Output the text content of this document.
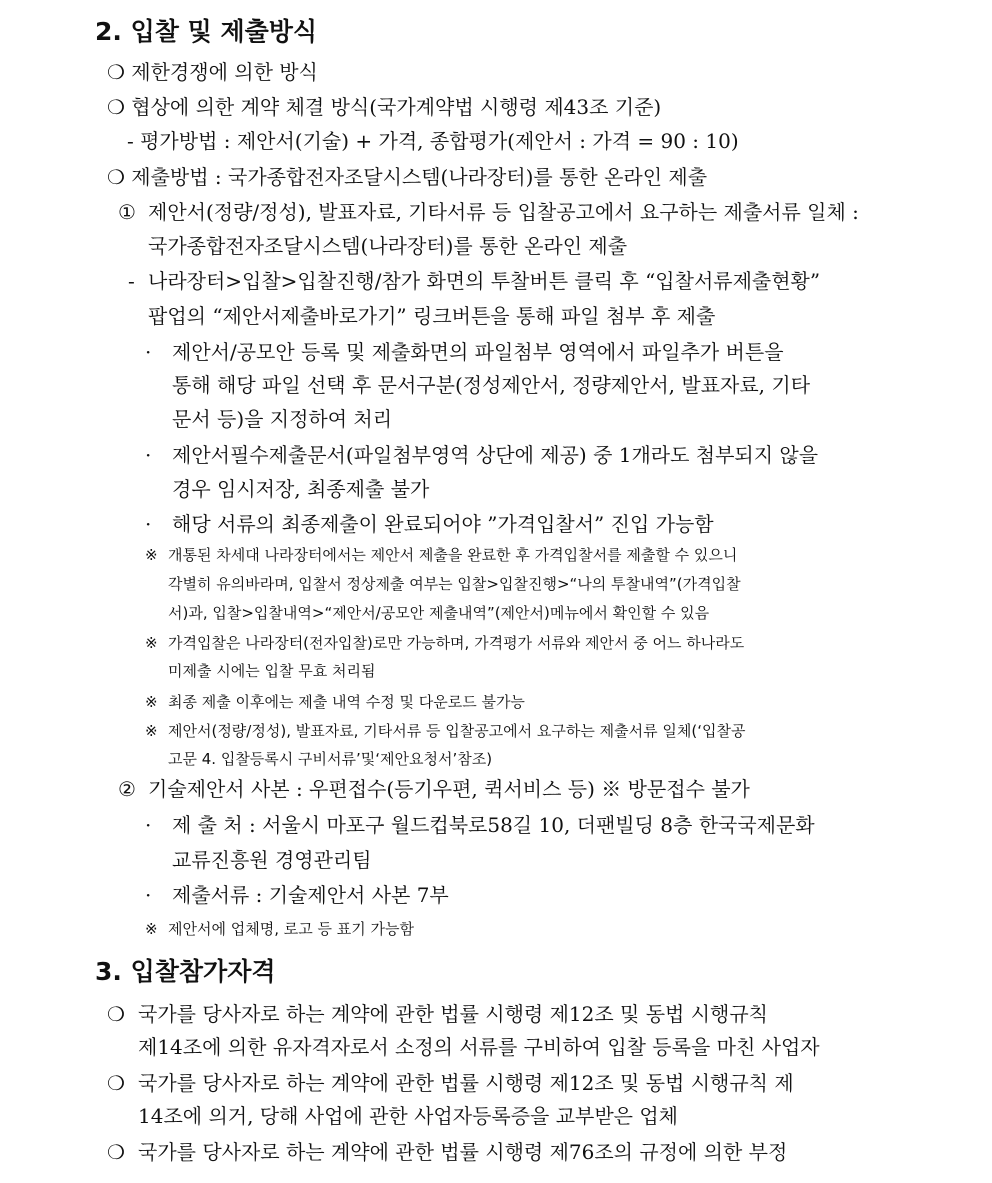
2. 입찰 및 제출방식
❍ 제한경쟁에 의한 방식
❍ 협상에 의한 계약 체결 방식(국가계약법 시행령 제43조 기준)
- 평가방법 : 제안서(기술) + 가격, 종합평가(제안서 : 가격 = 90 : 10)
❍ 제출방법 : 국가종합전자조달시스템(나라장터)를 통한 온라인 제출
① 제안서(정량/정성), 발표자료, 기타서류 등 입찰공고에서 요구하는 제출서류 일체 :
국가종합전자조달시스템(나라장터)를 통한 온라인 제출
- 나라장터>입찰>입찰진행/참가 화면의 투찰버튼 클릭 후 “입찰서류제출현황”
팝업의 “제안서제출바로가기” 링크버튼을 통해 파일 첨부 후 제출
· 제안서/공모안 등록 및 제출화면의 파일첨부 영역에서 파일추가 버튼을
통해 해당 파일 선택 후 문서구분(정성제안서, 정량제안서, 발표자료, 기타
문서 등)을 지정하여 처리
· 제안서필수제출문서(파일첨부영역 상단에 제공) 중 1개라도 첨부되지 않을
경우 임시저장, 최종제출 불가
· 해당 서류의 최종제출이 완료되어야 ”가격입찰서” 진입 가능함
※ 개통된 차세대 나라장터에서는 제안서 제출을 완료한 후 가격입찰서를 제출할 수 있으니
각별히 유의바라며, 입찰서 정상제출 여부는 입찰>입찰진행>“나의 투찰내역”(가격입찰
서)과, 입찰>입찰내역>“제안서/공모안 제출내역”(제안서)메뉴에서 확인할 수 있음
※ 가격입찰은 나라장터(전자입찰)로만 가능하며, 가격평가 서류와 제안서 중 어느 하나라도
미제출 시에는 입찰 무효 처리됨
※ 최종 제출 이후에는 제출 내역 수정 및 다운로드 불가능
※ 제안서(정량/정성), 발표자료, 기타서류 등 입찰공고에서 요구하는 제출서류 일체(‘입찰공
고문 4. 입찰등록시 구비서류’및‘제안요청서’참조)
② 기술제안서 사본 : 우편접수(등기우편, 퀵서비스 등) ※ 방문접수 불가
· 제 출 처 : 서울시 마포구 월드컵북로58길 10, 더팬빌딩 8층 한국국제문화
교류진흥원 경영관리팀
· 제출서류 : 기술제안서 사본 7부
※ 제안서에 업체명, 로고 등 표기 가능함
3. 입찰참가자격
❍ 국가를 당사자로 하는 계약에 관한 법률 시행령 제12조 및 동법 시행규칙
제14조에 의한 유자격자로서 소정의 서류를 구비하여 입찰 등록을 마친 사업자
❍ 국가를 당사자로 하는 계약에 관한 법률 시행령 제12조 및 동법 시행규칙 제
14조에 의거, 당해 사업에 관한 사업자등록증을 교부받은 업체
❍ 국가를 당사자로 하는 계약에 관한 법률 시행령 제76조의 규정에 의한 부정
